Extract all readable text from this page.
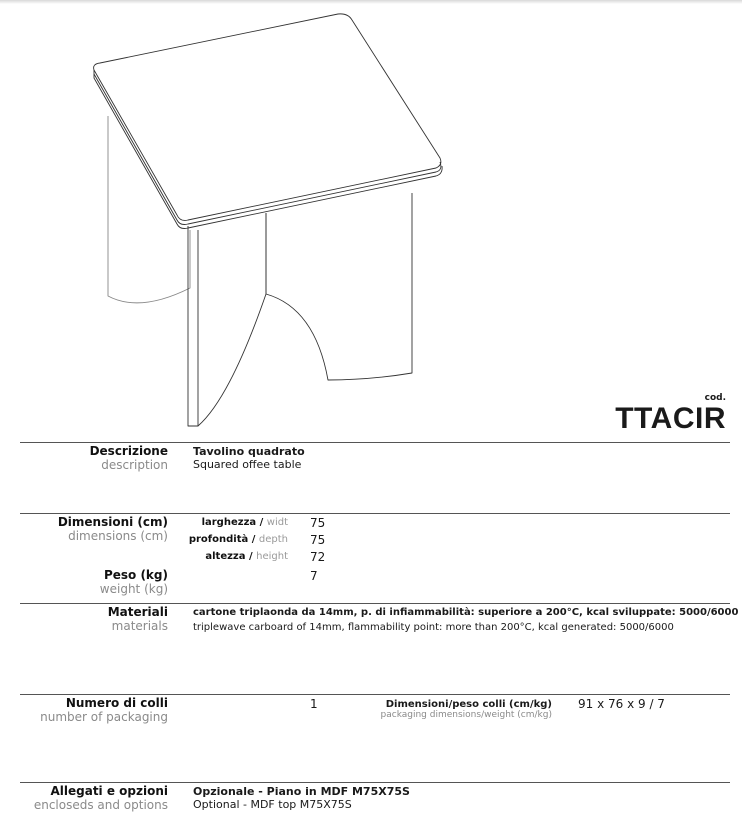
cod.
TTACIR
Descrizione
description
Tavolino quadrato
Squared offee table
Dimensioni (cm)
dimensions (cm)
larghezza / widt 75
profondità / depth 75
altezza / height 72
Peso (kg)
weight (kg)
7
Materiali
materials
cartone triplaonda da 14mm, p. di infiammabilità: superiore a 200°C, kcal sviluppate: 5000/6000
triplewave carboard of 14mm, flammability point: more than 200°C, kcal generated: 5000/6000
Numero di colli
number of packaging
1	Dimensioni/peso colli (cm/kg)
packaging dimensions/weight (cm/kg)
91 x 76 x 9 / 7
Allegati e opzioni
encloseds and options
Opzionale - Piano in MDF M75X75S
Optional - MDF top M75X75S
